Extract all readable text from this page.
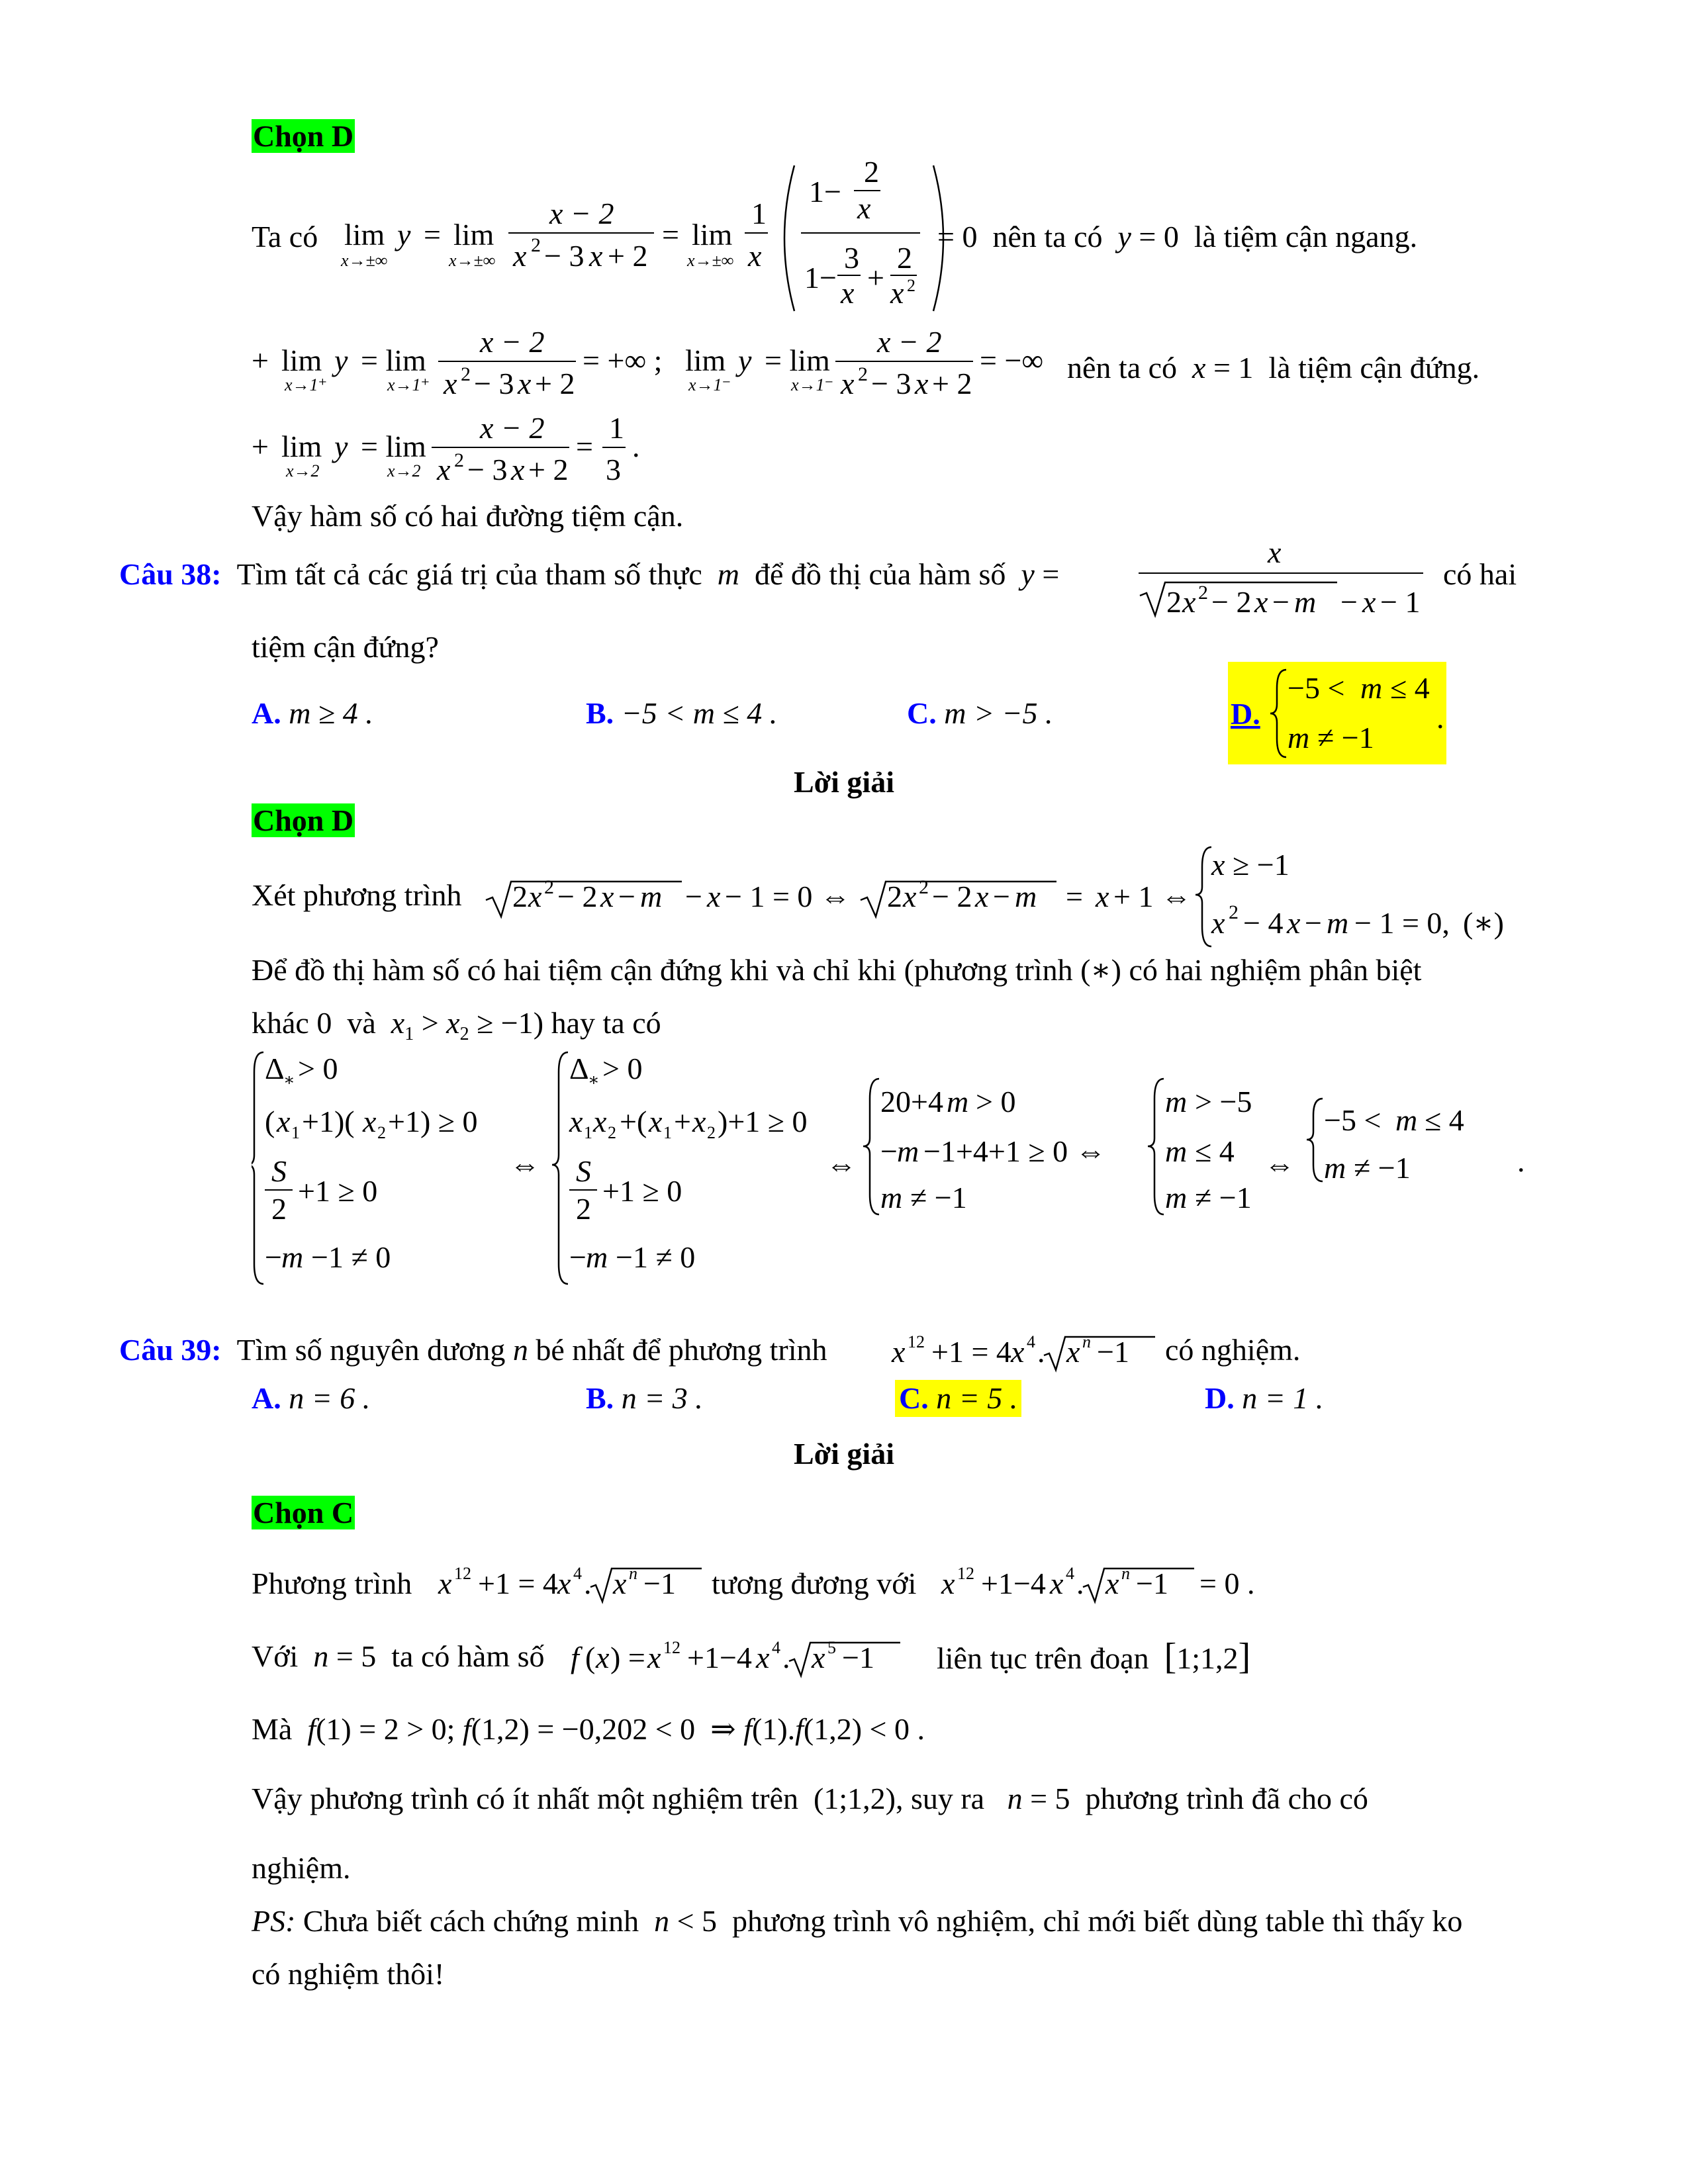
Chọn D
Ta có lim
x→±∞
y = lim
x→±∞
x − 2
x 2 − 3 x + 2
= lim
x→±∞
1
x
1−
2
x
1−
3
x +
2
x 2
= 0  nên ta có y = 0  là tiệm cận ngang.
+ lim
x→1⁺
y = lim
x→1⁺
x − 2
x 2 − 3 x + 2
= +∞ ; lim
x→1⁻
y = lim
x→1⁻
x − 2
x 2 − 3 x + 2
= −∞ nên ta có x = 1  là tiệm cận đứng.
+ lim
x→2
y = lim
x→2
x − 2
x 2 − 3 x + 2
=
1
3
.
Vậy hàm số có hai đường tiệm cận.
Câu 38: Tìm tất cả các giá trị của tham số thực m để đồ thị của hàm số y =
x
2 x 2 − 2 x − m − x − 1
có hai
tiệm cận đứng?
A. m ≥ 4 .	B. −5 < m ≤ 4 .	C. m > −5 .	D.
−5 < m ≤ 4
m ≠ −1
.
Lời giải
Chọn D
Xét phương trình 2 x 2 − 2 x − m − x − 1 = 0 ⇔ 2 x 2 − 2 x − m = x + 1 ⇔
x ≥ −1
x 2 − 4 x − m − 1 = 0, (∗)
Để đồ thị hàm số có hai tiệm cận đứng khi và chỉ khi (phương trình (∗) có hai nghiệm phân biệt
khác 0  và $x_1 > x_2 \ge -1$) hay ta có
Δ
∗ > 0
( x 1 +1)( x 2 +1) ≥ 0
S
2
+1 ≥ 0
− m −1 ≠ 0
⇔
Δ
∗ > 0
x 1 x 2 +( x 1 + x 2 )+1 ≥ 0
S
2
+1 ≥ 0
− m −1 ≠ 0
⇔
20+4 m > 0
− m −1+4+1 ≥ 0 ⇔
m ≠ −1
m > −5
m ≤ 4
m ≠ −1
⇔
−5 < m ≤ 4
m ≠ −1	.
Câu 39: Tìm số nguyên dương n bé nhất để phương trình x 12 +1 = 4 x 4 . x n −1 có nghiệm.
A. n = 6 .	B. n = 3 .	C. n = 5 .	D. n = 1 .
Lời giải
Chọn C
Phương trình x 12 +1 = 4 x 4 . x n −1	x 12 +1−4 x 4 . x n −1 = 0 .
tương đương với
Với n = 5  ta có hàm số f ( x ) = x 12 +1−4 x 4 . x 5 −1 liên tục trên đoạn [1;1,2]
Mà f(1) = 2 > 0; f(1,2) = −0,202 < 0  ⇒ f(1).f(1,2) < 0 .
Vậy phương trình có ít nhất một nghiệm trên  (1;1,2), suy ra n = 5  phương trình đã cho có
nghiệm.
PS: Chưa biết cách chứng minh n < 5  phương trình vô nghiệm, chỉ mới biết dùng table thì thấy ko
có nghiệm thôi!
